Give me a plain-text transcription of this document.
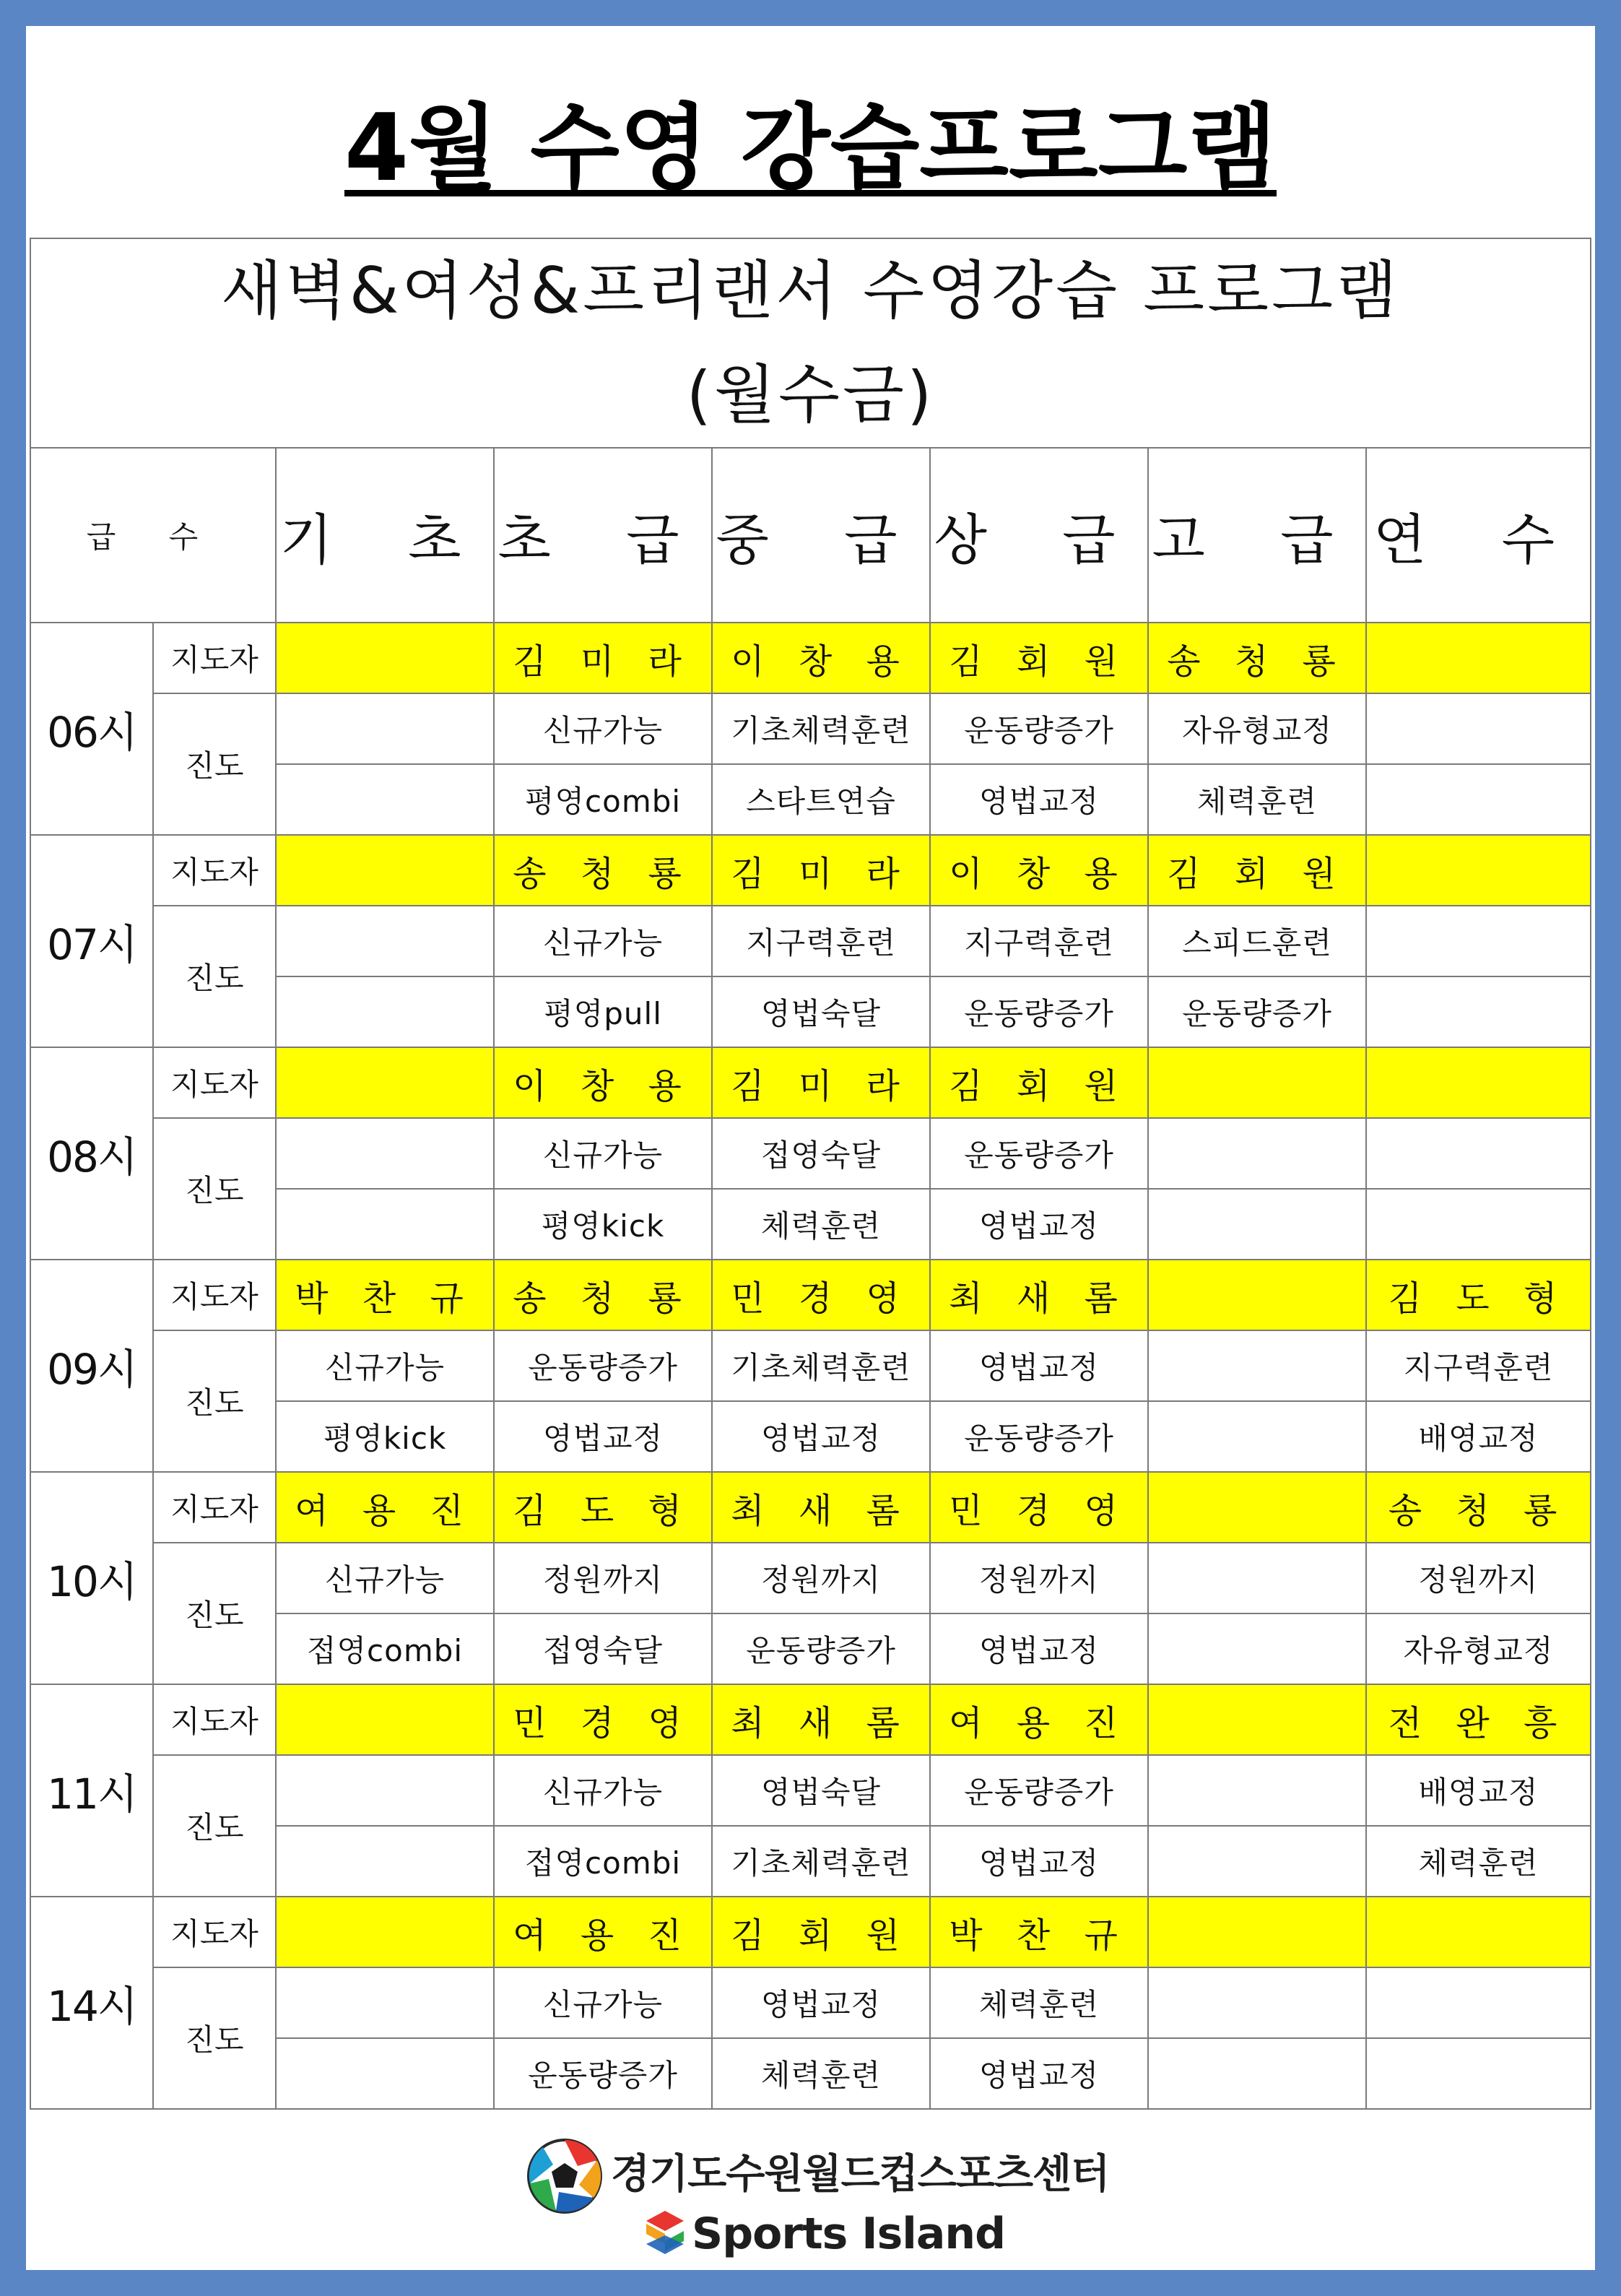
4월 수영 강습프로그램
새벽&여성&프리랜서 수영강습 프로그램
(월수금)							

급 수		기 초	초 급	중 급	상 급	고 급	연 수
06시	지도자		김 미 라	이 창 용	김 회 원	송 청 룡	
	진도		신규가능	기초체력훈련	운동량증가	자유형교정	
			평영combi	스타트연습	영법교정	체력훈련	
07시	지도자		송 청 룡	김 미 라	이 창 용	김 회 원	
	진도		신규가능	지구력훈련	지구력훈련	스피드훈련	
			평영pull	영법숙달	운동량증가	운동량증가	
08시	지도자		이 창 용	김 미 라	김 회 원		
	진도		신규가능	접영숙달	운동량증가		
			평영kick	체력훈련	영법교정		
09시	지도자	박 찬 규	송 청 룡	민 경 영	최 새 롬		김 도 형
	진도	신규가능	운동량증가	기초체력훈련	영법교정		지구력훈련
		평영kick	영법교정	영법교정	운동량증가		배영교정
10시	지도자	여 용 진	김 도 형	최 새 롬	민 경 영		송 청 룡
	진도	신규가능	정원까지	정원까지	정원까지		정원까지
		접영combi	접영숙달	운동량증가	영법교정		자유형교정
11시	지도자		민 경 영	최 새 롬	여 용 진		전 완 흥
	진도		신규가능	영법숙달	운동량증가		배영교정
			접영combi	기초체력훈련	영법교정		체력훈련
14시	지도자		여 용 진	김 회 원	박 찬 규		
	진도		신규가능	영법교정	체력훈련		
			운동량증가	체력훈련	영법교정		
경기도수원월드컵스포츠센터
Sports Island
